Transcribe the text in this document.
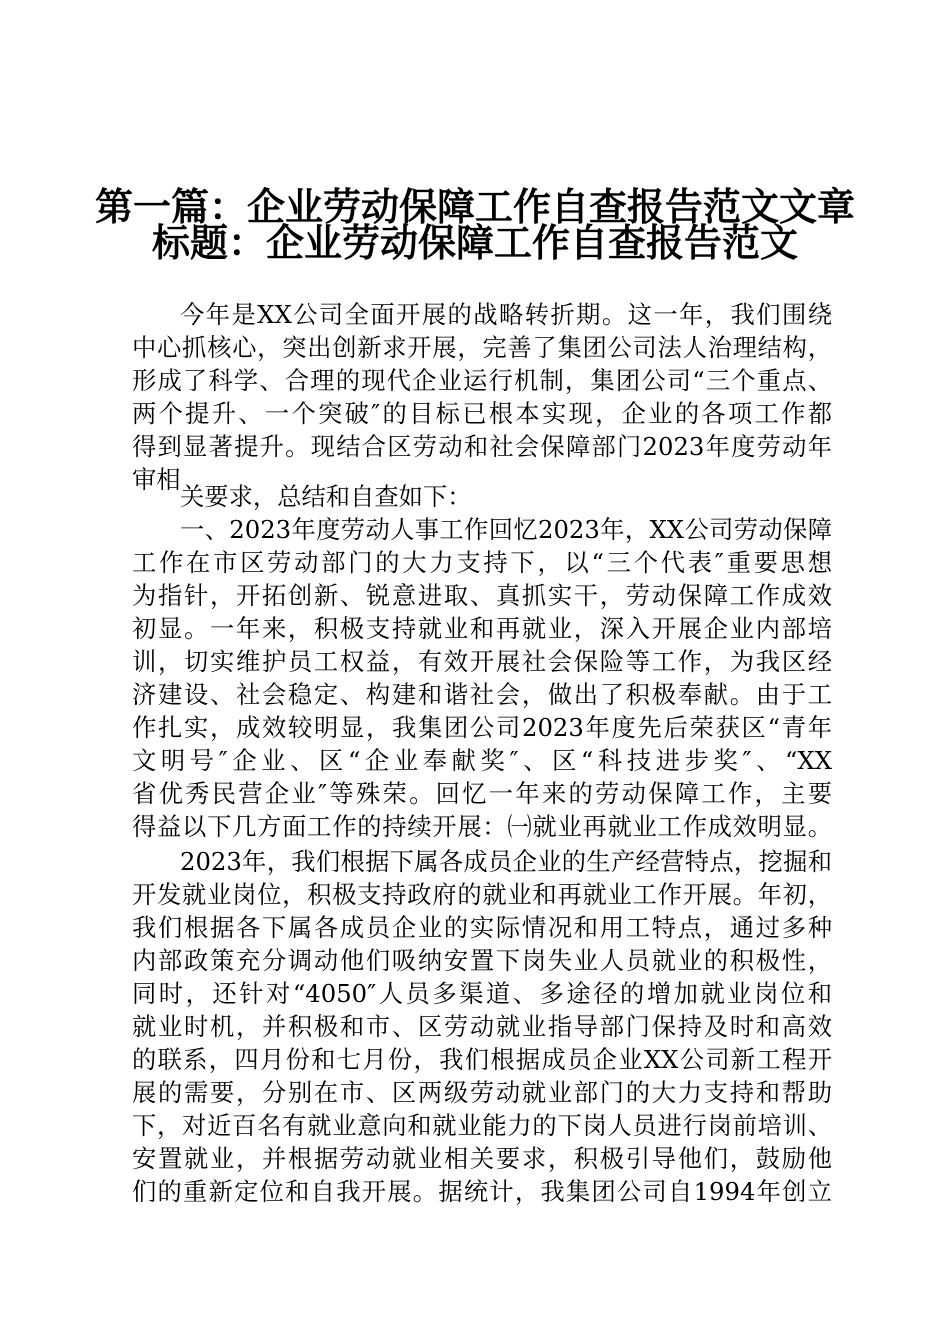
第一篇：企业劳动保障工作自查报告范文文章
标题：企业劳动保障工作自查报告范文
今年是XX公司全面开展的战略转折期。这一年，我们围绕
中心抓核心，突出创新求开展，完善了集团公司法人治理结构，
形成了科学、合理的现代企业运行机制，集团公司“三个重点、
两个提升、一个突破″的目标已根本实现，企业的各项工作都
得到显著提升。现结合区劳动和社会保障部门2023年度劳动年
审相
关要求，总结和自查如下：
一、2023年度劳动人事工作回忆2023年，XX公司劳动保障
工作在市区劳动部门的大力支持下，以“三个代表″重要思想
为指针，开拓创新、锐意进取、真抓实干，劳动保障工作成效
初显。一年来，积极支持就业和再就业，深入开展企业内部培
训，切实维护员工权益，有效开展社会保险等工作，为我区经
济建设、社会稳定、构建和谐社会，做出了积极奉献。由于工
作扎实，成效较明显，我集团公司2023年度先后荣获区“青年
文明号″企业、区“企业奉献奖″、区“科技进步奖″、“XX
省优秀民营企业″等殊荣。回忆一年来的劳动保障工作，主要
得益以下几方面工作的持续开展：㈠就业再就业工作成效明显。
2023年，我们根据下属各成员企业的生产经营特点，挖掘和
开发就业岗位，积极支持政府的就业和再就业工作开展。年初，
我们根据各下属各成员企业的实际情况和用工特点，通过多种
内部政策充分调动他们吸纳安置下岗失业人员就业的积极性，
同时，还针对“4050″人员多渠道、多途径的增加就业岗位和
就业时机，并积极和市、区劳动就业指导部门保持及时和高效
的联系，四月份和七月份，我们根据成员企业XX公司新工程开
展的需要，分别在市、区两级劳动就业部门的大力支持和帮助
下，对近百名有就业意向和就业能力的下岗人员进行岗前培训、
安置就业，并根据劳动就业相关要求，积极引导他们，鼓励他
们的重新定位和自我开展。据统计，我集团公司自1994年创立
